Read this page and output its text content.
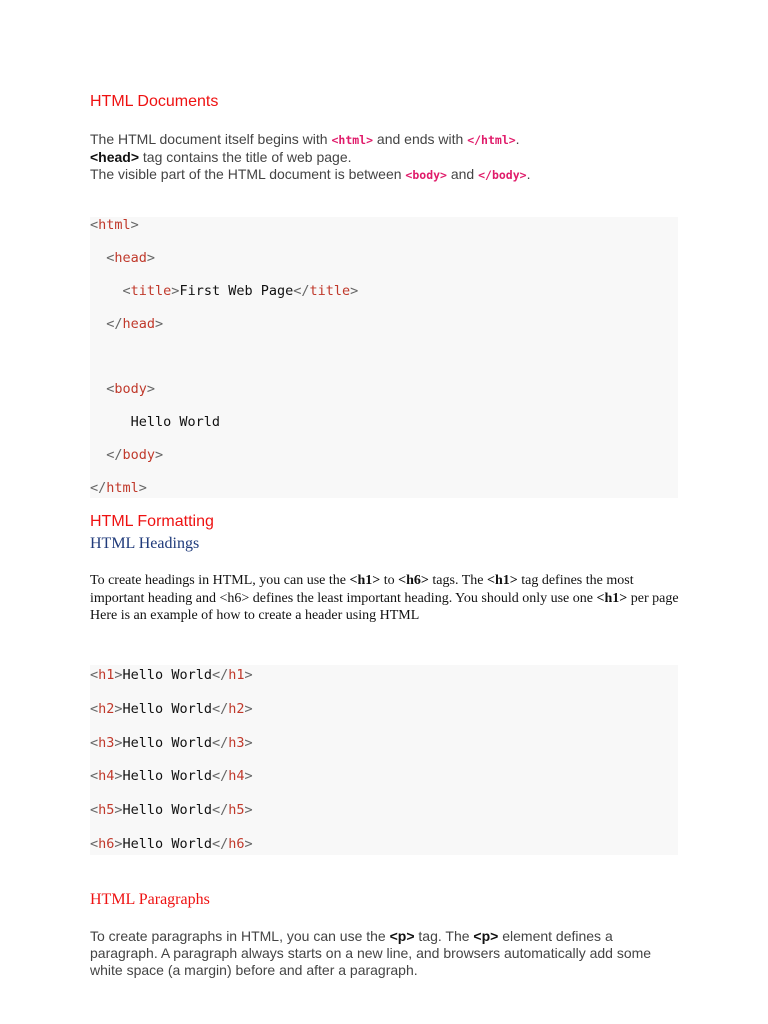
HTML Documents
The HTML document itself begins with <html> and ends with </html>.
<head> tag contains the title of web page.
The visible part of the HTML document is between <body> and </body>.
<html>
<head>
<title>First Web Page</title>
</head>
<body>
Hello World
</body>
</html>
HTML Formatting
HTML Headings
To create headings in HTML, you can use the <h1> to <h6> tags. The <h1> tag defines the most important heading and <h6> defines the least important heading. You should only use one <h1> per page
Here is an example of how to create a header using HTML
<h1>Hello World</h1>
<h2>Hello World</h2>
<h3>Hello World</h3>
<h4>Hello World</h4>
<h5>Hello World</h5>
<h6>Hello World</h6>
HTML Paragraphs
To create paragraphs in HTML, you can use the <p> tag. The <p> element defines a paragraph. A paragraph always starts on a new line, and browsers automatically add some white space (a margin) before and after a paragraph.
